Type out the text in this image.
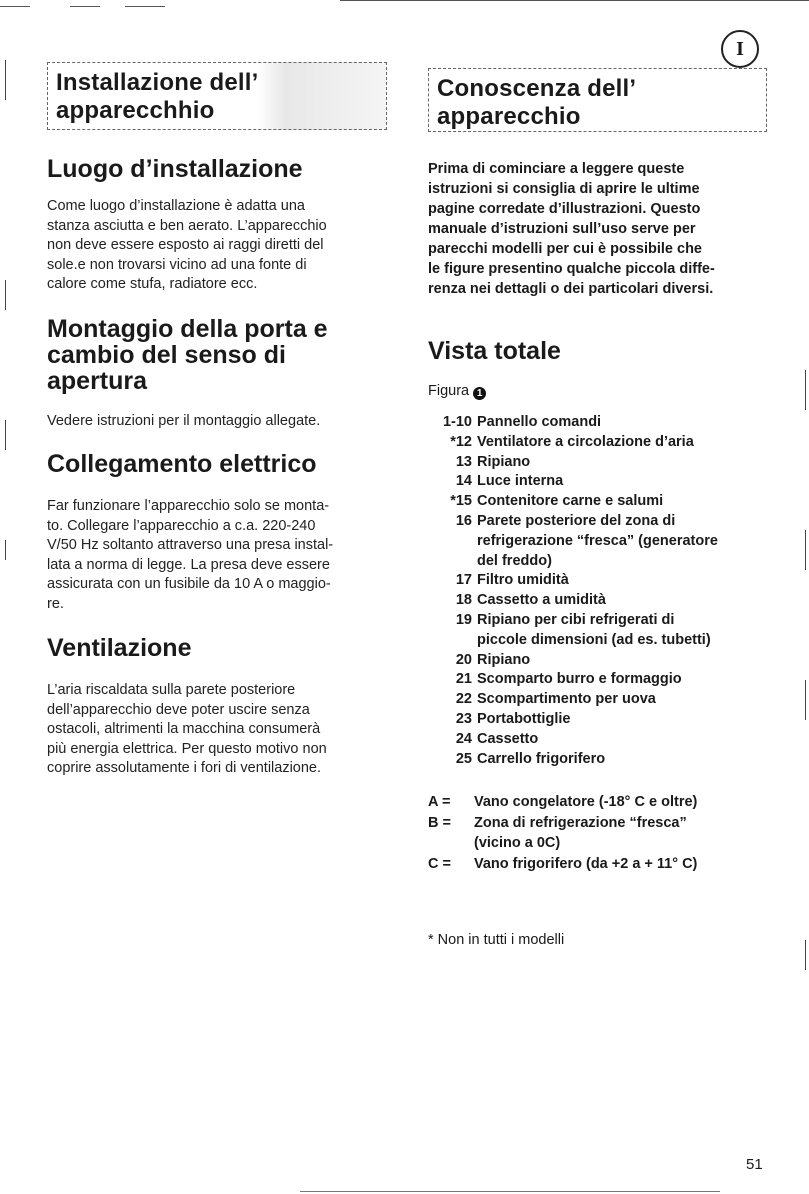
I
Installazione dell’
apparecchhio
Conoscenza dell’
apparecchio
Luogo d’installazione

Come luogo d’installazione è adatta una
stanza asciutta e ben aerato. L’apparecchio
non deve essere esposto ai raggi diretti del
sole.e non trovarsi vicino ad una fonte di
calore come stufa, radiatore ecc.

Montaggio della porta e
cambio del senso di
apertura

Vedere istruzioni per il montaggio allegate.

Collegamento elettrico

Far funzionare l’apparecchio solo se monta-
to. Collegare l’apparecchio a c.a. 220-240
V/50 Hz soltanto attraverso una presa instal-
lata a norma di legge. La presa deve essere
assicurata con un fusibile da 10 A o maggio-
re.

Ventilazione

L’aria riscaldata sulla parete posteriore
dell’apparecchio deve poter uscire senza
ostacoli, altrimenti la macchina consumerà
più energia elettrica. Per questo motivo non
coprire assolutamente i fori di ventilazione.

Prima di cominciare a leggere queste
istruzioni si consiglia di aprire le ultime
pagine corredate d’illustrazioni. Questo
manuale d’istruzioni sull’uso serve per
parecchi modelli per cui è possibile che
le figure presentino qualche piccola diffe-
renza nei dettagli o dei particolari diversi.

Vista totale
Figura 1
1-10 Pannello comandi
*12 Ventilatore a circolazione d’aria
13 Ripiano
14 Luce interna
*15 Contenitore carne e salumi
16 Parete posteriore del zona di
refrigerazione “fresca” (generatore
del freddo)
17 Filtro umidità
18 Cassetto a umidità
19 Ripiano per cibi refrigerati di
piccole dimensioni (ad es. tubetti)
20 Ripiano
21 Scomparto burro e formaggio
22 Scompartimento per uova
23 Portabottiglie
24 Cassetto
25 Carrello frigorifero
A =	Vano congelatore (-18° C e oltre)
B =	Zona di refrigerazione “fresca”
(vicino a 0C)
C =	Vano frigorifero (da +2 a + 11° C)
* Non in tutti i modelli
51
